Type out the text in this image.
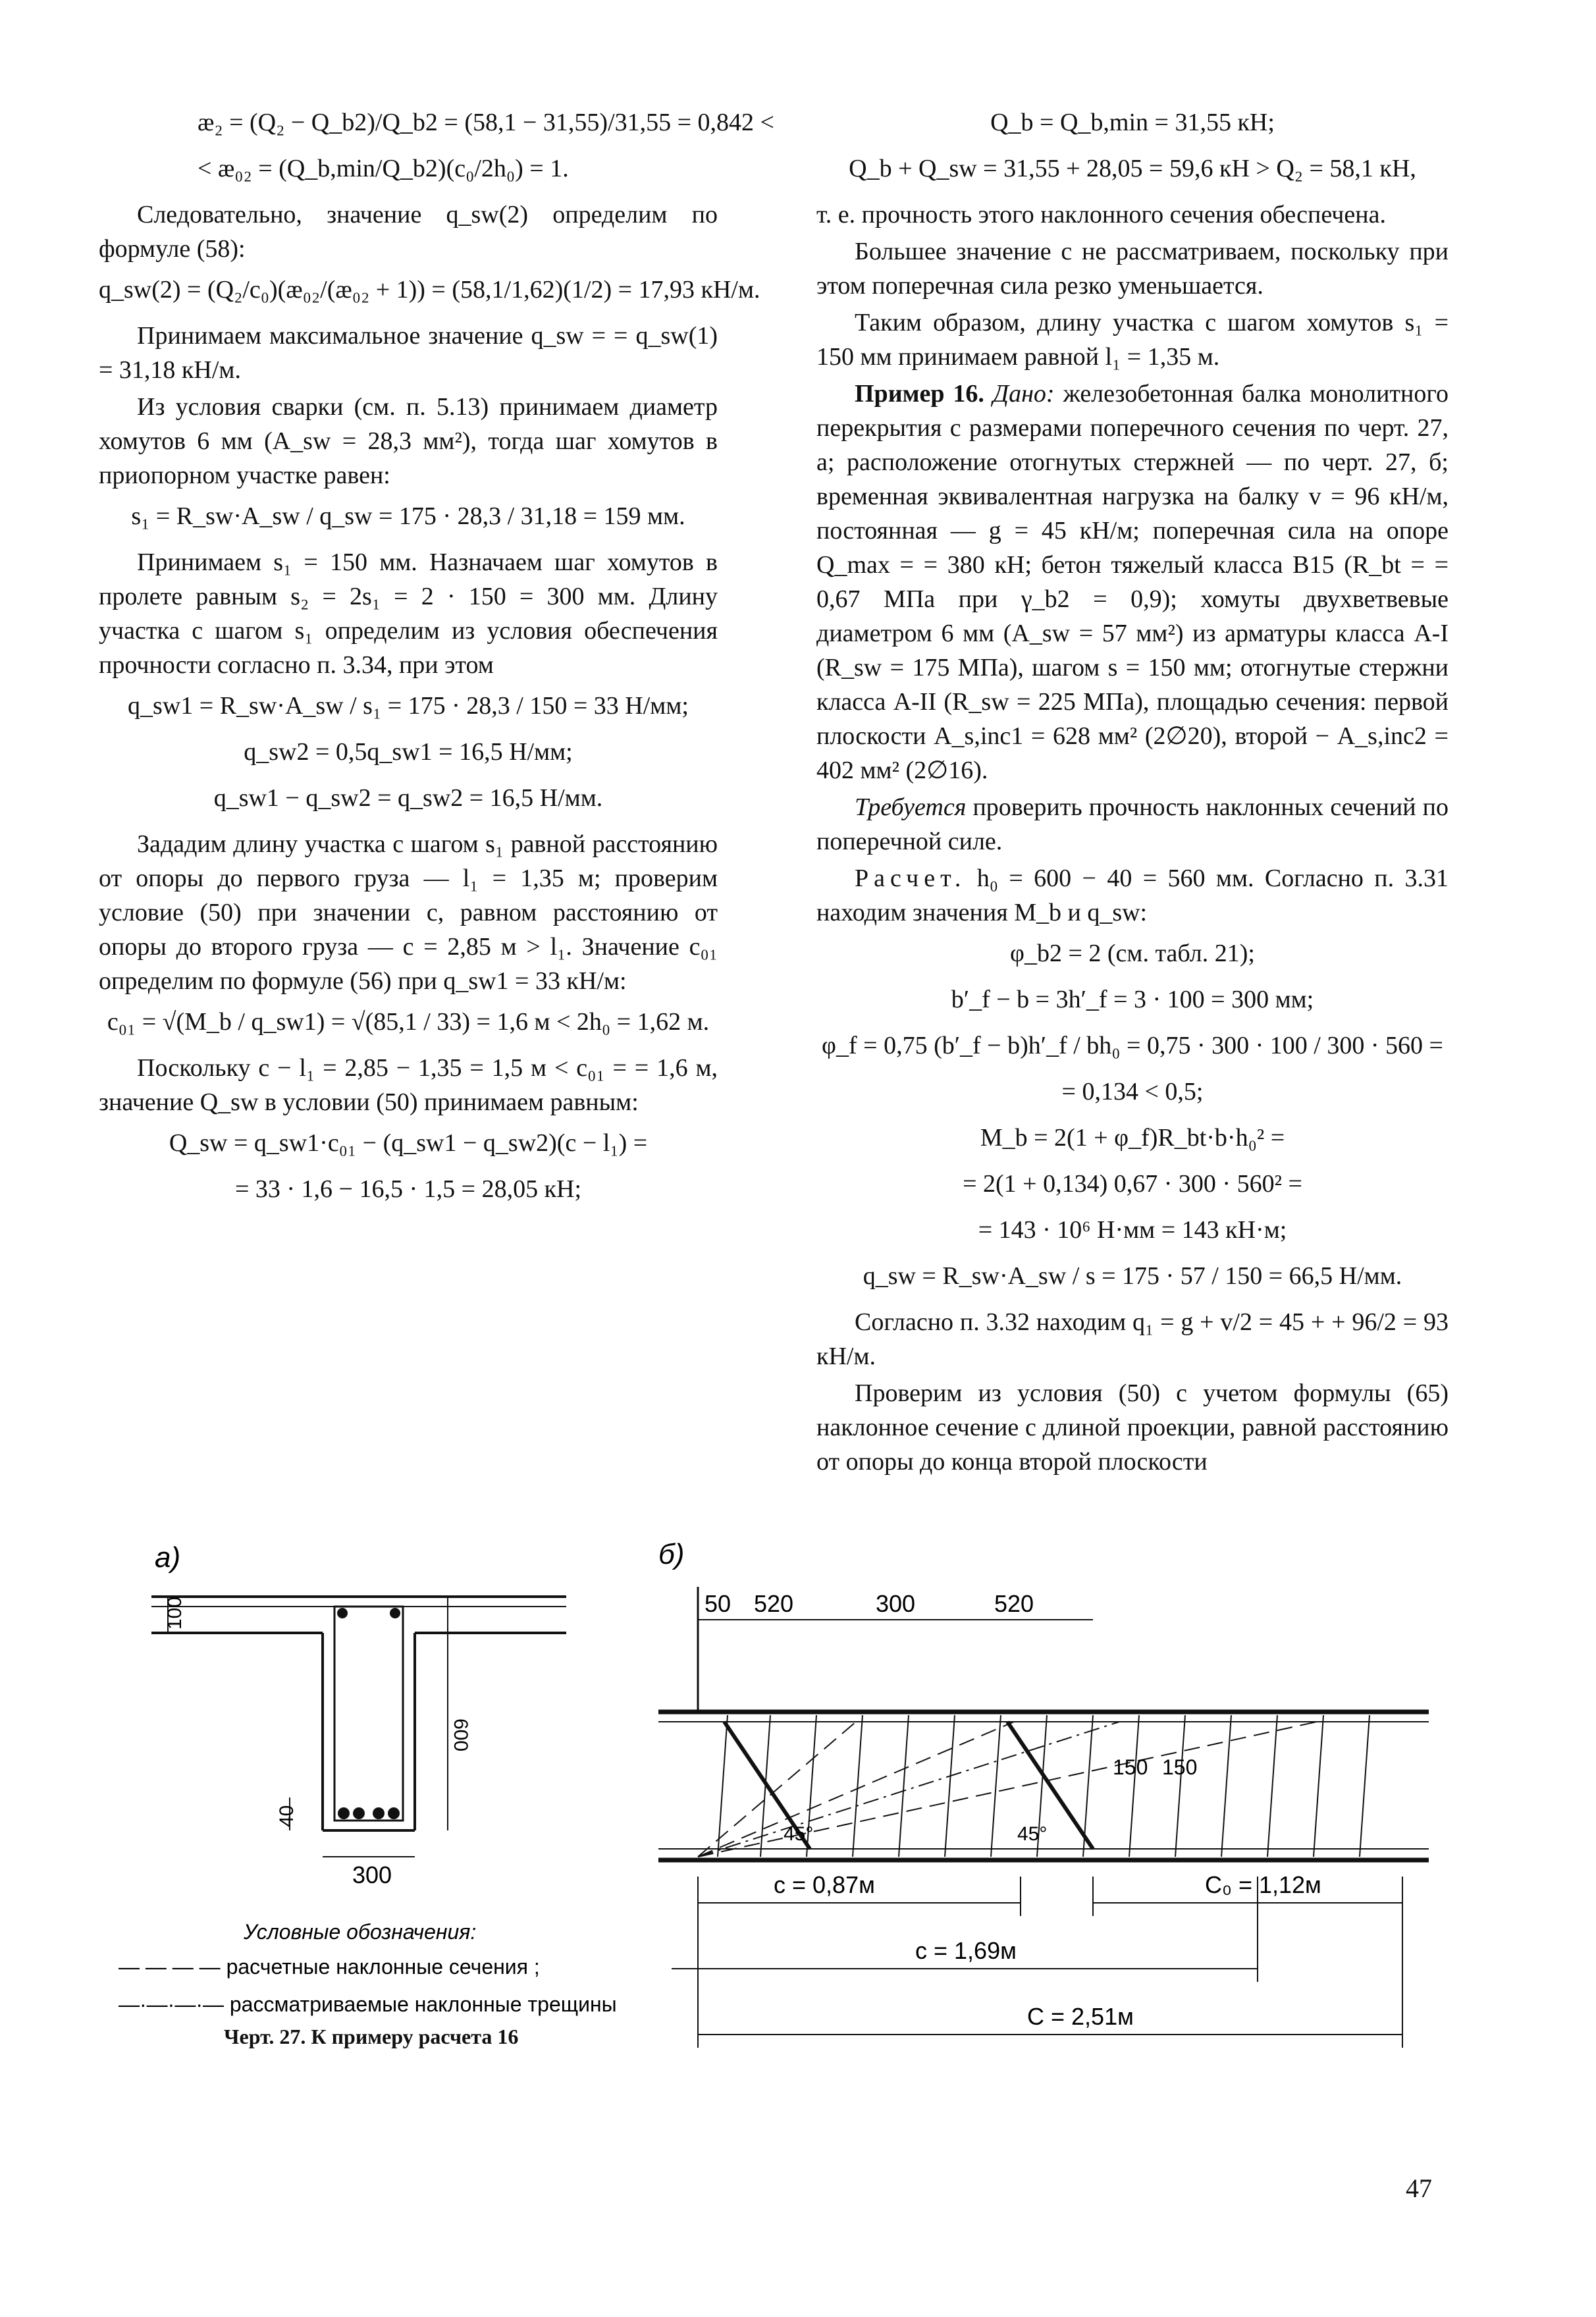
æ₂ = (Q₂ − Q_b2)/Q_b2 = (58,1 − 31,55)/31,55 = 0,842 <
< æ₀₂ = (Q_b,min/Q_b2)(c₀/2h₀) = 1.

Следовательно, значение q_sw(2) определим по формуле (58):

q_sw(2) = (Q₂/c₀)(æ₀₂/(æ₀₂ + 1)) = (58,1/1,62)(1/2) = 17,93 кН/м.

Принимаем максимальное значение q_sw = = q_sw(1) = 31,18 кН/м.

Из условия сварки (см. п. 5.13) принимаем диаметр хомутов 6 мм (A_sw = 28,3 мм²), тогда шаг хомутов в приопорном участке равен:

s₁ = R_sw·A_sw / q_sw = 175 · 28,3 / 31,18 = 159 мм.

Принимаем s₁ = 150 мм. Назначаем шаг хомутов в пролете равным s₂ = 2s₁ = 2 · 150 = 300 мм. Длину участка с шагом s₁ определим из условия обеспечения прочности согласно п. 3.34, при этом

q_sw1 = R_sw·A_sw / s₁ = 175 · 28,3 / 150 = 33 Н/мм;
q_sw2 = 0,5q_sw1 = 16,5 Н/мм;
q_sw1 − q_sw2 = q_sw2 = 16,5 Н/мм.

Зададим длину участка с шагом s₁ равной расстоянию от опоры до первого груза — l₁ = 1,35 м; проверим условие (50) при значении c, равном расстоянию от опоры до второго груза — c = 2,85 м > l₁. Значение c₀₁ определим по формуле (56) при q_sw1 = 33 кН/м:

c₀₁ = √(M_b / q_sw1) = √(85,1 / 33) = 1,6 м < 2h₀ = 1,62 м.

Поскольку c − l₁ = 2,85 − 1,35 = 1,5 м < c₀₁ = = 1,6 м, значение Q_sw в условии (50) принимаем равным:

Q_sw = q_sw1·c₀₁ − (q_sw1 − q_sw2)(c − l₁) =
= 33 · 1,6 − 16,5 · 1,5 = 28,05 кН;
Q_b = Q_b,min = 31,55 кН;
Q_b + Q_sw = 31,55 + 28,05 = 59,6 кН > Q₂ = 58,1 кН,

т. е. прочность этого наклонного сечения обеспечена.

Большее значение c не рассматриваем, поскольку при этом поперечная сила резко уменьшается.

Таким образом, длину участка с шагом хомутов s₁ = 150 мм принимаем равной l₁ = 1,35 м.

Пример 16. Дано: железобетонная балка монолитного перекрытия с размерами поперечного сечения по черт. 27, а; расположение отогнутых стержней — по черт. 27, б; временная эквивалентная нагрузка на балку v = 96 кН/м, постоянная — g = 45 кН/м; поперечная сила на опоре Q_max = = 380 кН; бетон тяжелый класса В15 (R_bt = = 0,67 МПа при γ_b2 = 0,9); хомуты двухветвевые диаметром 6 мм (A_sw = 57 мм²) из арматуры класса А-I (R_sw = 175 МПа), шагом s = 150 мм; отогнутые стержни класса А-II (R_sw = 225 МПа), площадью сечения: первой плоскости A_s,inc1 = 628 мм² (2∅20), второй − A_s,inc2 = 402 мм² (2∅16).

Требуется проверить прочность наклонных сечений по поперечной силе.

Расчет. h₀ = 600 − 40 = 560 мм. Согласно п. 3.31 находим значения M_b и q_sw:

φ_b2 = 2 (см. табл. 21);
b′_f − b = 3h′_f = 3 · 100 = 300 мм;
φ_f = 0,75 (b′_f − b)h′_f / bh₀ = 0,75 · 300 · 100 / 300 · 560 =
= 0,134 < 0,5;
M_b = 2(1 + φ_f)R_bt·b·h₀² =
= 2(1 + 0,134) 0,67 · 300 · 560² =
= 143 · 10⁶ Н·мм = 143 кН·м;
q_sw = R_sw·A_sw / s = 175 · 57 / 150 = 66,5 Н/мм.

Согласно п. 3.32 находим q₁ = g + v/2 = 45 + + 96/2 = 93 кН/м.

Проверим из условия (50) с учетом формулы (65) наклонное сечение с длиной проекции, равной расстоянию от опоры до конца второй плоскости

а)
100
600
40
300
б)
50 520	300	520
150 150
45°	45°
c = 0,87м	C₀ = 1,12м
c = 1,69м
C = 2,51м
Условные обозначения:
— — — — расчетные наклонные сечения ;
—·—·—·— рассматриваемые наклонные трещины
Черт. 27. К примеру расчета 16
47
